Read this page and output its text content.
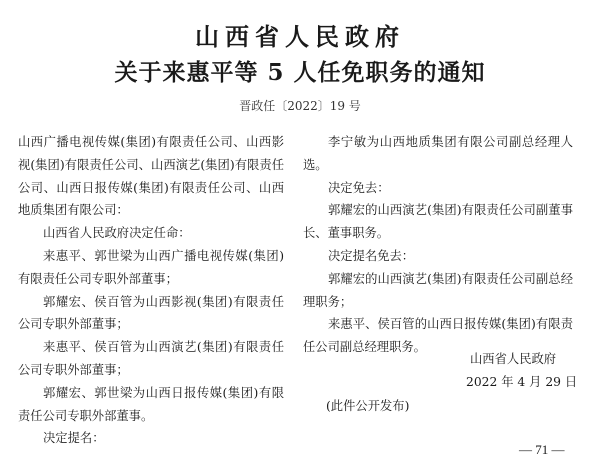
山西省人民政府
关于来惠平等 5 人任免职务的通知
晋政任〔2022〕19 号

山西广播电视传媒(集团)有限责任公司、山西影视(集团)有限责任公司、山西演艺(集团)有限责任公司、山西日报传媒(集团)有限责任公司、山西地质集团有限公司：

山西省人民政府决定任命：

来惠平、郭世梁为山西广播电视传媒(集团)有限责任公司专职外部董事；

郭耀宏、侯百管为山西影视(集团)有限责任公司专职外部董事；

来惠平、侯百管为山西演艺(集团)有限责任公司专职外部董事；

郭耀宏、郭世梁为山西日报传媒(集团)有限责任公司专职外部董事。

决定提名：

李宁敏为山西地质集团有限公司副总经理人选。

决定免去：

郭耀宏的山西演艺(集团)有限责任公司副董事长、董事职务。

决定提名免去：

郭耀宏的山西演艺(集团)有限责任公司副总经理职务；

来惠平、侯百管的山西日报传媒(集团)有限责任公司副总经理职务。

山西省人民政府
2022 年 4 月 29 日
(此件公开发布)
— 71 —
